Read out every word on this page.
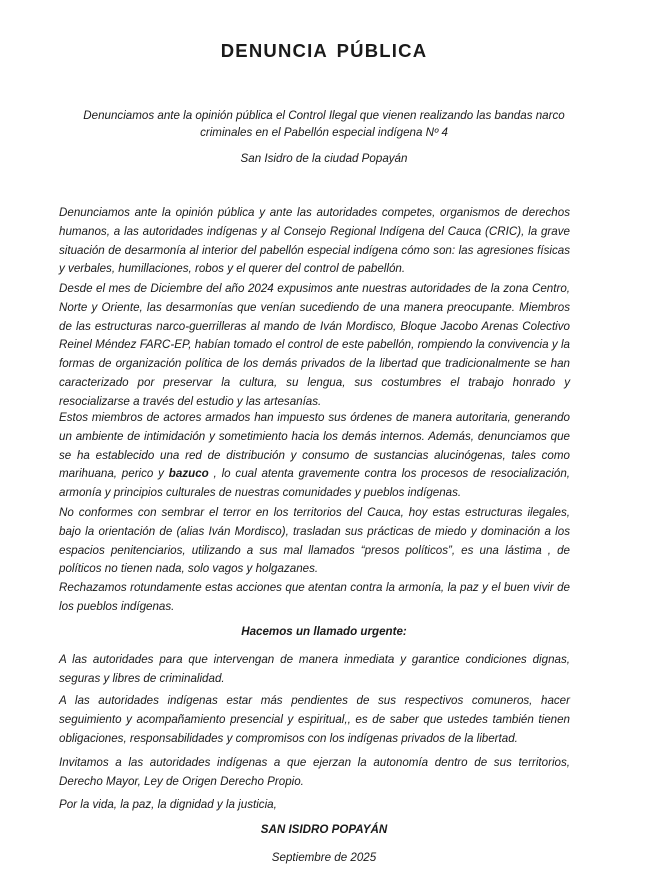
DENUNCIA PÚBLICA
Denunciamos ante la opinión pública el Control Ilegal que vienen realizando las bandas narco
criminales en el Pabellón especial indígena Nº 4
San Isidro de la ciudad Popayán
Denunciamos ante la opinión pública y ante las autoridades competes, organismos de derechos humanos, a las autoridades indígenas y al Consejo Regional Indígena del Cauca (CRIC), la grave situación de desarmonía al interior del pabellón especial indígena cómo son: las agresiones físicas y verbales, humillaciones, robos y el querer del control de pabellón.
Desde el mes de Diciembre del año 2024 expusimos ante nuestras autoridades de la zona Centro, Norte y Oriente, las desarmonías que venían sucediendo de una manera preocupante. Miembros de las estructuras narco-guerrilleras al mando de Iván Mordisco, Bloque Jacobo Arenas Colectivo Reinel Méndez FARC-EP, habían tomado el control de este pabellón, rompiendo la convivencia y la formas de organización política de los demás privados de la libertad que tradicionalmente se han caracterizado por preservar la cultura, su lengua, sus costumbres el trabajo honrado y resocializarse a través del estudio y las artesanías.
Estos miembros de actores armados han impuesto sus órdenes de manera autoritaria, generando un ambiente de intimidación y sometimiento hacia los demás internos. Además, denunciamos que se ha establecido una red de distribución y consumo de sustancias alucinógenas, tales como marihuana, perico y bazuco , lo cual atenta gravemente contra los procesos de resocialización, armonía y principios culturales de nuestras comunidades y pueblos indígenas.
No conformes con sembrar el terror en los territorios del Cauca, hoy estas estructuras ilegales, bajo la orientación de (alias Iván Mordisco), trasladan sus prácticas de miedo y dominación a los espacios penitenciarios, utilizando a sus mal llamados “presos políticos”, es una lástima , de políticos no tienen nada, solo vagos y holgazanes.
Rechazamos rotundamente estas acciones que atentan contra la armonía, la paz y el buen vivir de los pueblos indígenas.
Hacemos un llamado urgente:
A las autoridades para que intervengan de manera inmediata y garantice condiciones dignas, seguras y libres de criminalidad.
A las autoridades indígenas estar más pendientes de sus respectivos comuneros, hacer seguimiento y acompañamiento presencial y espiritual,, es de saber que ustedes también tienen obligaciones, responsabilidades y compromisos con los indígenas privados de la libertad.
Invitamos a las autoridades indígenas a que ejerzan la autonomía dentro de sus territorios, Derecho Mayor, Ley de Origen Derecho Propio.
Por la vida, la paz, la dignidad y la justicia,
SAN ISIDRO POPAYÁN
Septiembre de 2025
